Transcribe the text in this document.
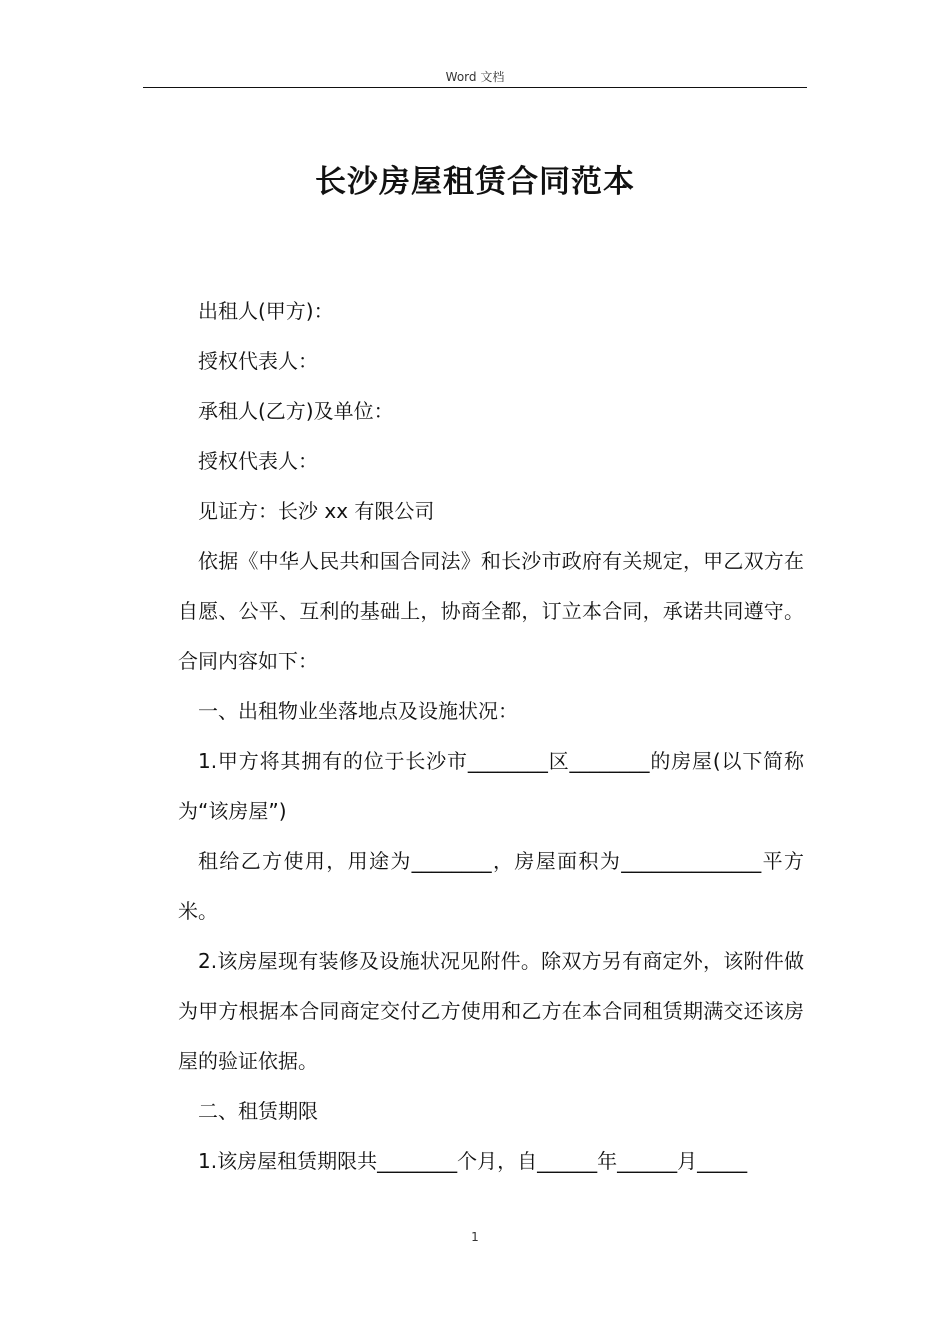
Word 文档
长沙房屋租赁合同范本

出租人(甲方)：

授权代表人：

承租人(乙方)及单位：

授权代表人：

见证方：长沙 xx 有限公司

依据《中华人民共和国合同法》和长沙市政府有关规定，甲乙双方在自愿、公平、互利的基础上，协商全都，订立本合同，承诺共同遵守。合同内容如下：

一、出租物业坐落地点及设施状况：

1.甲方将其拥有的位于长沙市________区________的房屋(以下简称为“该房屋”)

租给乙方使用，用途为________，房屋面积为______________平方米。

2.该房屋现有装修及设施状况见附件。除双方另有商定外，该附件做为甲方根据本合同商定交付乙方使用和乙方在本合同租赁期满交还该房屋的验证依据。

二、租赁期限

1.该房屋租赁期限共________个月，自______年______月_____

1
